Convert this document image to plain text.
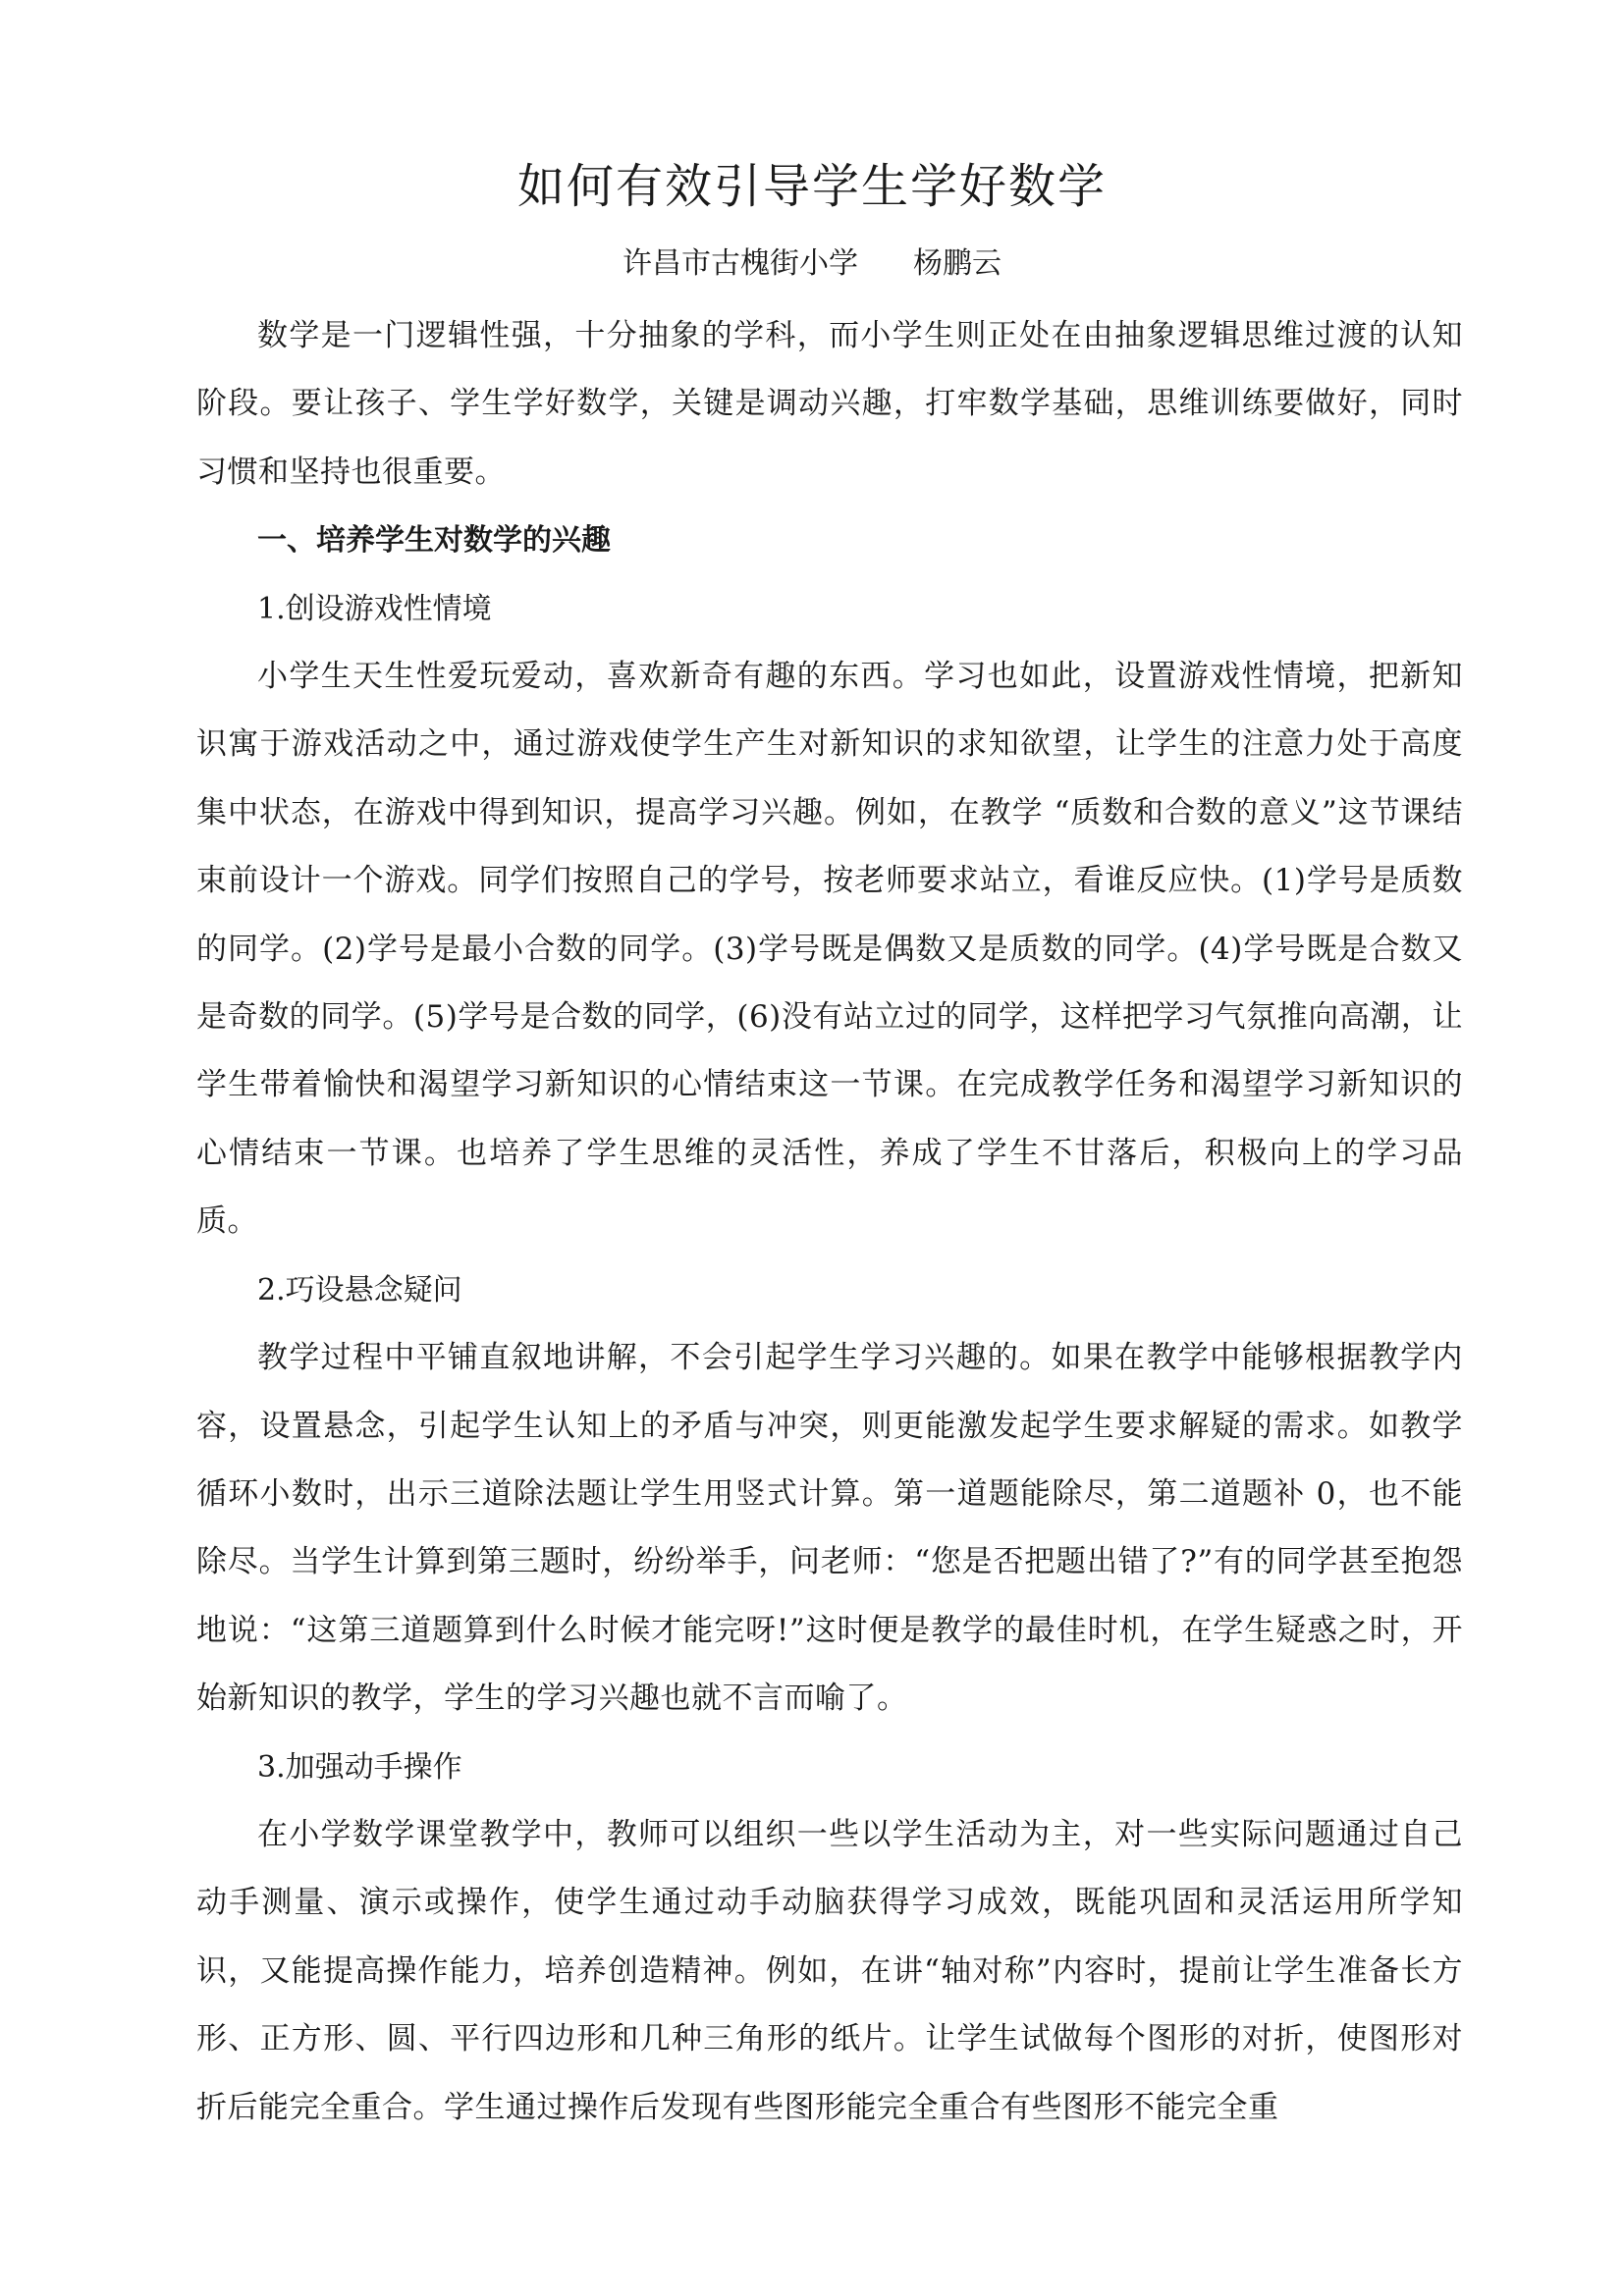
如何有效引导学生学好数学
许昌市古槐街小学 杨鹏云

数学是一门逻辑性强，十分抽象的学科，而小学生则正处在由抽象逻辑思维过渡的认知阶段。要让孩子、学生学好数学，关键是调动兴趣，打牢数学基础，思维训练要做好，同时习惯和坚持也很重要。

一、培养学生对数学的兴趣

1.创设游戏性情境

小学生天生性爱玩爱动，喜欢新奇有趣的东西。学习也如此，设置游戏性情境，把新知识寓于游戏活动之中，通过游戏使学生产生对新知识的求知欲望，让学生的注意力处于高度集中状态，在游戏中得到知识，提高学习兴趣。例如，在教学 “质数和合数的意义”这节课结束前设计一个游戏。同学们按照自己的学号，按老师要求站立，看谁反应快。(1)学号是质数的同学。(2)学号是最小合数的同学。(3)学号既是偶数又是质数的同学。(4)学号既是合数又是奇数的同学。(5)学号是合数的同学，(6)没有站立过的同学，这样把学习气氛推向高潮，让学生带着愉快和渴望学习新知识的心情结束这一节课。在完成教学任务和渴望学习新知识的心情结束一节课。也培养了学生思维的灵活性，养成了学生不甘落后，积极向上的学习品质。

2.巧设悬念疑问

教学过程中平铺直叙地讲解，不会引起学生学习兴趣的。如果在教学中能够根据教学内容，设置悬念，引起学生认知上的矛盾与冲突，则更能激发起学生要求解疑的需求。如教学循环小数时，出示三道除法题让学生用竖式计算。第一道题能除尽，第二道题补 0，也不能除尽。当学生计算到第三题时，纷纷举手，问老师：“您是否把题出错了?”有的同学甚至抱怨地说：“这第三道题算到什么时候才能完呀!”这时便是教学的最佳时机，在学生疑惑之时，开始新知识的教学，学生的学习兴趣也就不言而喻了。

3.加强动手操作

在小学数学课堂教学中，教师可以组织一些以学生活动为主，对一些实际问题通过自己动手测量、演示或操作，使学生通过动手动脑获得学习成效，既能巩固和灵活运用所学知识，又能提高操作能力，培养创造精神。例如，在讲“轴对称”内容时，提前让学生准备长方形、正方形、圆、平行四边形和几种三角形的纸片。让学生试做每个图形的对折，使图形对折后能完全重合。学生通过操作后发现有些图形能完全重合有些图形不能完全重
